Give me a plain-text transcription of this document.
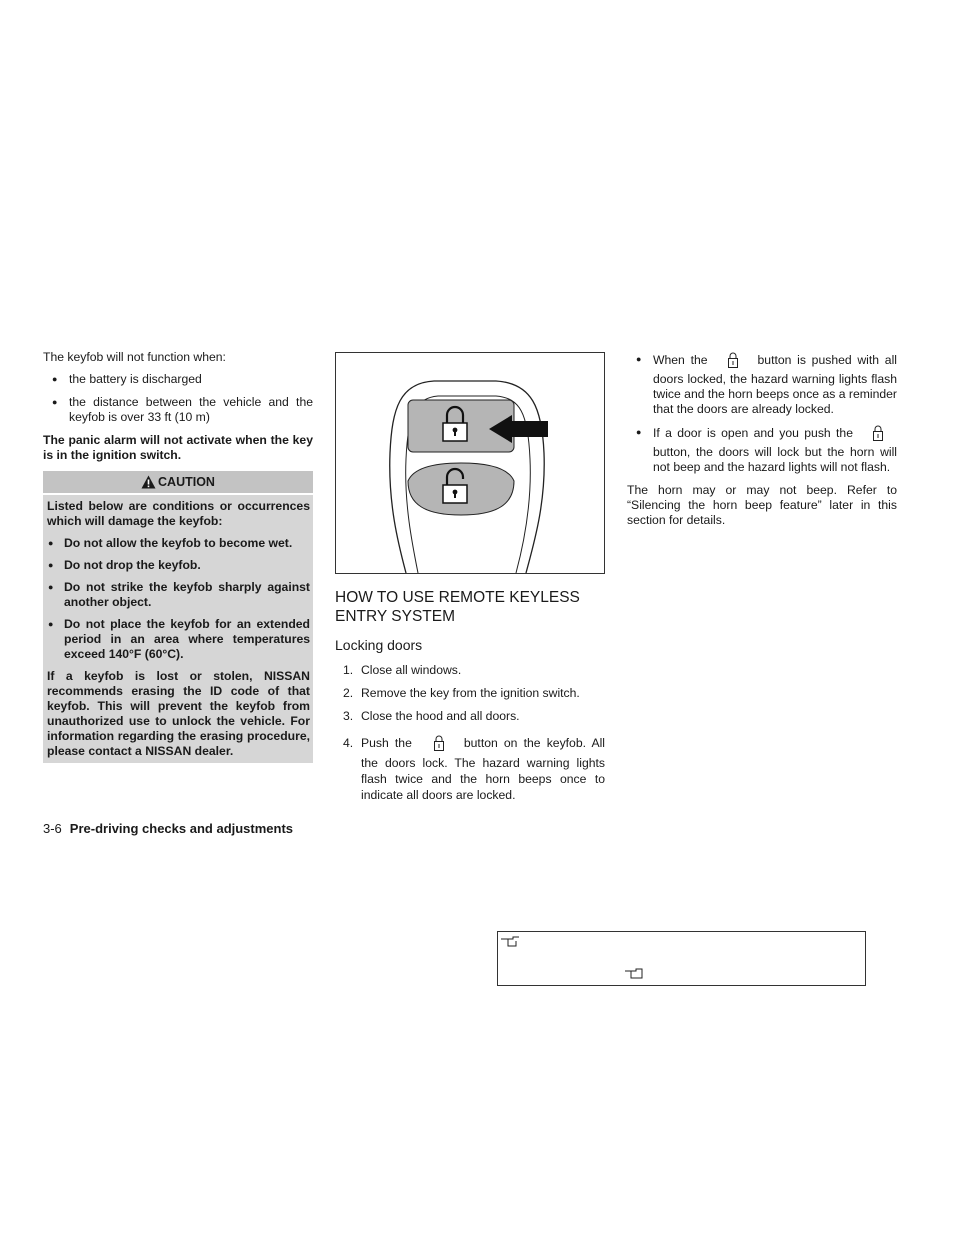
The keyfob will not function when:

● the battery is discharged
● the distance between the vehicle and the keyfob is over 33 ft (10 m)

The panic alarm will not activate when the key is in the ignition switch.

CAUTION

Listed below are conditions or occurrences which will damage the keyfob:

● Do not allow the keyfob to become wet.
● Do not drop the keyfob.
● Do not strike the keyfob sharply against another object.
● Do not place the keyfob for an extended period in an area where temperatures exceed 140°F (60°C).

If a keyfob is lost or stolen, NISSAN recommends erasing the ID code of that keyfob. This will prevent the keyfob from unauthorized use to unlock the vehicle. For information regarding the erasing procedure, please contact a NISSAN dealer.

HOW TO USE REMOTE KEYLESS ENTRY SYSTEM
Locking doors
1. Close all windows.
2. Remove the key from the ignition switch.
3. Close the hood and all doors.
4. Push the	button on the keyfob. All the doors lock. The hazard warning lights flash twice and the horn beeps once to indicate all doors are locked.
● When the	button is pushed with all doors locked, the hazard warning lights flash twice and the horn beeps once as a reminder that the doors are already locked.
● If a door is open and you push thebutton, the doors will lock but the horn will not beep and the hazard lights will not flash.

The horn may or may not beep. Refer to “Silencing the horn beep feature” later in this section for details.

3-6 Pre-driving checks and adjustments
